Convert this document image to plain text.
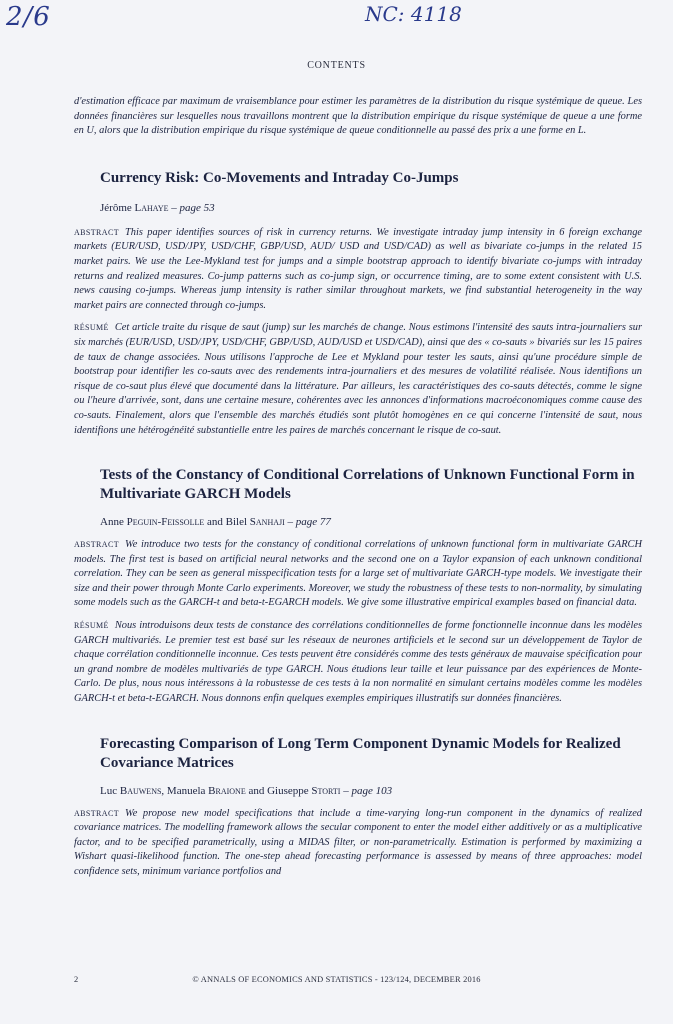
2/6	NC: 4118
CONTENTS

d'estimation efficace par maximum de vraisemblance pour estimer les paramètres de la distribution du risque systémique de queue. Les données financières sur lesquelles nous travaillons montrent que la distribution empirique du risque systémique de queue a une forme en U, alors que la distribution empirique du risque systémique de queue conditionnelle au passé des prix a une forme en L.

Currency Risk: Co-Movements and Intraday Co-Jumps
Jérôme Lahaye – page 53

ABSTRACT This paper identifies sources of risk in currency returns. We investigate intraday jump intensity in 6 foreign exchange markets (EUR/USD, USD/JPY, USD/CHF, GBP/USD, AUD/ USD and USD/CAD) as well as bivariate co-jumps in the related 15 market pairs. We use the Lee-Mykland test for jumps and a simple bootstrap approach to identify bivariate co-jumps with intraday returns and realized measures. Co-jump patterns such as co-jump sign, or occurrence timing, are to some extent consistent with U.S. news causing co-jumps. Whereas jump intensity is rather similar throughout markets, we find substantial heterogeneity in the way market pairs are connected through co-jumps.

RÉSUMÉ Cet article traite du risque de saut (jump) sur les marchés de change. Nous estimons l'intensité des sauts intra-journaliers sur six marchés (EUR/USD, USD/JPY, USD/CHF, GBP/USD, AUD/USD et USD/CAD), ainsi que des « co-sauts » bivariés sur les 15 paires de taux de change associées. Nous utilisons l'approche de Lee et Mykland pour tester les sauts, ainsi qu'une procédure simple de bootstrap pour identifier les co-sauts avec des rendements intra-journaliers et des mesures de volatilité réalisée. Nous identifions un risque de co-saut plus élevé que documenté dans la littérature. Par ailleurs, les caractéristiques des co-sauts détectés, comme le signe ou l'heure d'arrivée, sont, dans une certaine mesure, cohérentes avec les annonces d'informations macroéconomiques comme cause des co-sauts. Finalement, alors que l'ensemble des marchés étudiés sont plutôt homogènes en ce qui concerne l'intensité de saut, nous identifions une hétérogénéité substantielle entre les paires de marchés concernant le risque de co-saut.

Tests of the Constancy of Conditional Correlations of Unknown Functional Form in Multivariate GARCH Models
Anne Peguin-Feissolle and Bilel Sanhaji – page 77

ABSTRACT We introduce two tests for the constancy of conditional correlations of unknown functional form in multivariate GARCH models. The first test is based on artificial neural networks and the second one on a Taylor expansion of each unknown conditional correlation. They can be seen as general misspecification tests for a large set of multivariate GARCH-type models. We investigate their size and their power through Monte Carlo experiments. Moreover, we study the robustness of these tests to non-normality, by simulating some models such as the GARCH-t and beta-t-EGARCH models. We give some illustrative empirical examples based on financial data.

RÉSUMÉ Nous introduisons deux tests de constance des corrélations conditionnelles de forme fonctionnelle inconnue dans les modèles GARCH multivariés. Le premier test est basé sur les réseaux de neurones artificiels et le second sur un développement de Taylor de chaque corrélation conditionnelle inconnue. Ces tests peuvent être considérés comme des tests généraux de mauvaise spécification pour un grand nombre de modèles multivariés de type GARCH. Nous étudions leur taille et leur puissance par des expériences de Monte-Carlo. De plus, nous nous intéressons à la robustesse de ces tests à la non normalité en simulant certains modèles comme les modèles GARCH-t et beta-t-EGARCH. Nous donnons enfin quelques exemples empiriques illustratifs sur données financières.

Forecasting Comparison of Long Term Component Dynamic Models for Realized Covariance Matrices
Luc Bauwens, Manuela Braione and Giuseppe Storti – page 103

ABSTRACT We propose new model specifications that include a time-varying long-run component in the dynamics of realized covariance matrices. The modelling framework allows the secular component to enter the model either additively or as a multiplicative factor, and to be specified parametrically, using a MIDAS filter, or non-parametrically. Estimation is performed by maximizing a Wishart quasi-likelihood function. The one-step ahead forecasting performance is assessed by means of three approaches: model confidence sets, minimum variance portfolios and

2	© ANNALS OF ECONOMICS AND STATISTICS - 123/124, DECEMBER 2016
